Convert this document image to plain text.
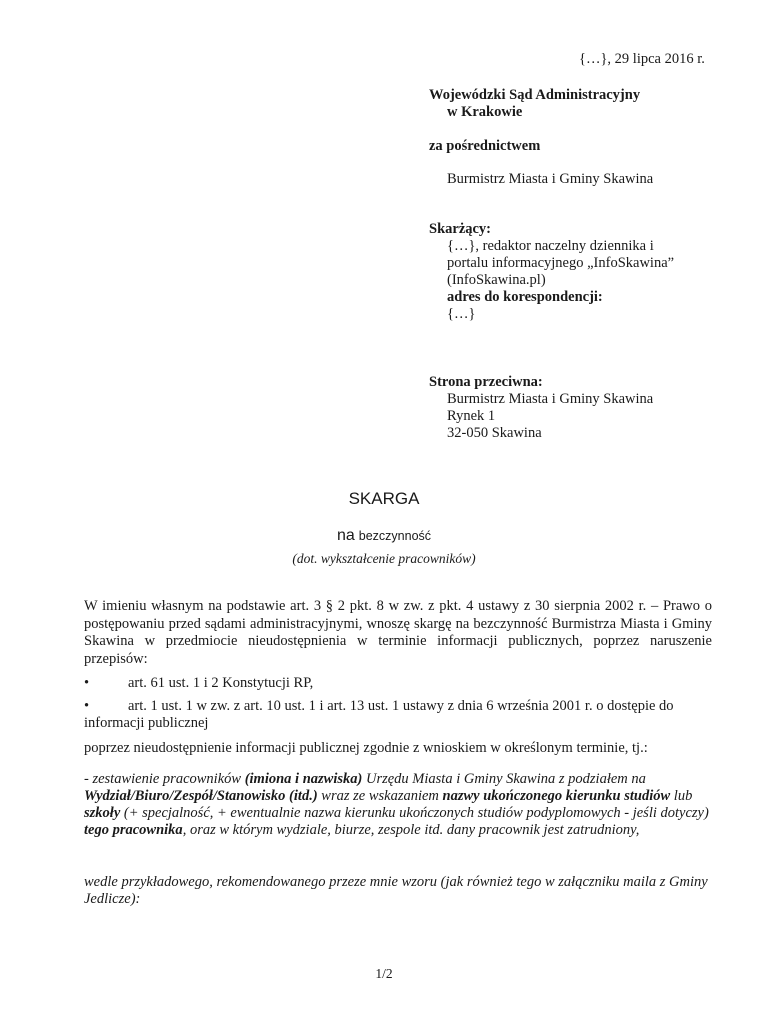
{…}, 29 lipca 2016 r.
Wojewódzki Sąd Administracyjny
w Krakowie
za pośrednictwem
Burmistrz Miasta i Gminy Skawina
Skarżący:
{…}, redaktor naczelny dziennika i
portalu informacyjnego „InfoSkawina”
(InfoSkawina.pl)
adres do korespondencji:
{…}
Strona przeciwna:
Burmistrz Miasta i Gminy Skawina
Rynek 1
32-050 Skawina
SKARGA
na bezczynność
(dot. wykształcenie pracowników)
W imieniu własnym na podstawie art. 3 § 2 pkt. 8 w zw. z pkt. 4 ustawy z 30 sierpnia 2002 r. – Prawo o postępowaniu przed sądami administracyjnymi, wnoszę skargę na bezczynność Burmistrza Miasta i Gminy Skawina w przedmiocie nieudostępnienia w terminie informacji publicznych, poprzez naruszenie przepisów:
•	art. 61 ust. 1 i 2 Konstytucji RP,
•	art. 1 ust. 1 w zw. z art. 10 ust. 1 i art. 13 ust. 1 ustawy z dnia 6 września 2001 r. o dostępie do
informacji publicznej
poprzez nieudostępnienie informacji publicznej zgodnie z wnioskiem w określonym terminie, tj.:
- zestawienie pracowników (imiona i nazwiska) Urzędu Miasta i Gminy Skawina z podziałem na Wydział/Biuro/Zespół/Stanowisko (itd.) wraz ze wskazaniem nazwy ukończonego kierunku studiów lub szkoły (+ specjalność, + ewentualnie nazwa kierunku ukończonych studiów podyplomowych - jeśli dotyczy) tego pracownika, oraz w którym wydziale, biurze, zespole itd. dany pracownik jest zatrudniony,
wedle przykładowego, rekomendowanego przeze mnie wzoru (jak również tego w załączniku maila z Gminy Jedlicze):
1/2
